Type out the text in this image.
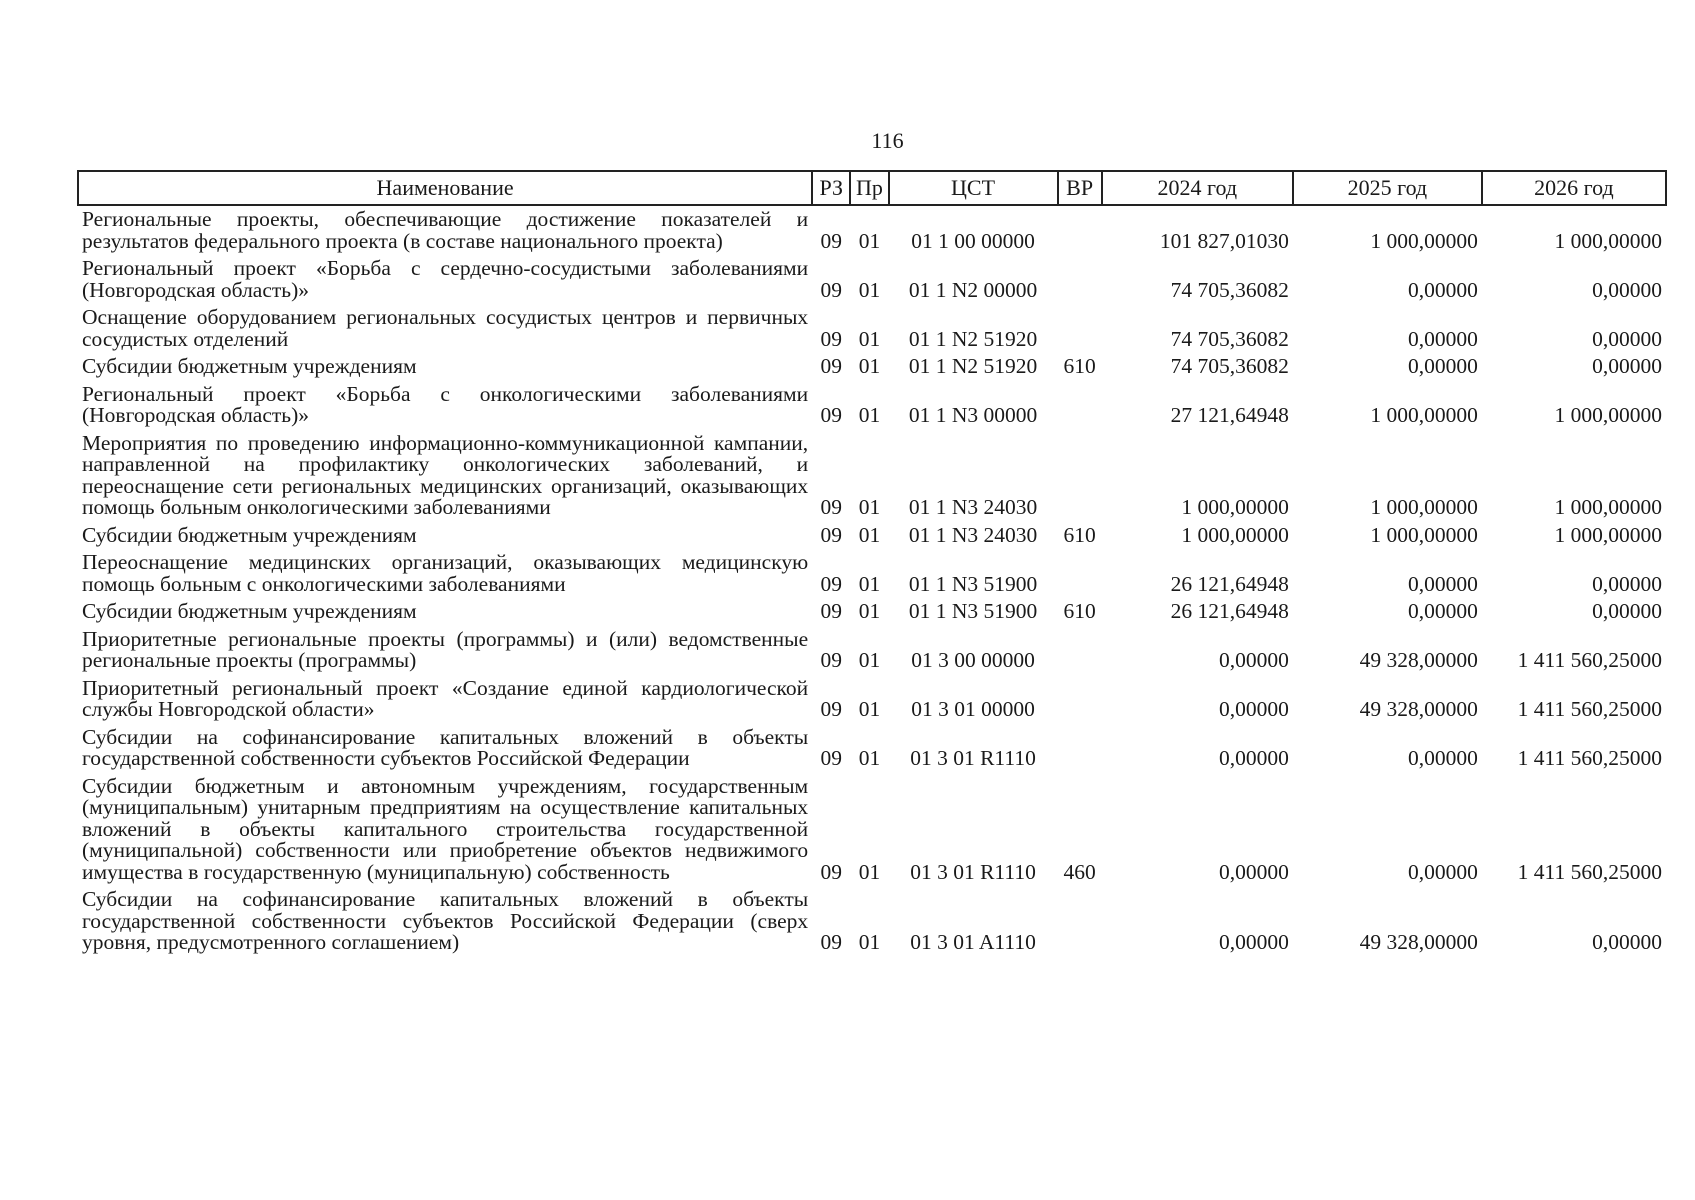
116
Наименование	РЗ	Пр	ЦСТ	ВР	2024 год	2025 год	2026 год
Региональные проекты, обеспечивающие достижение показателей и результатов федерального проекта (в составе национального проекта)	09	01	01 1 00 00000		101 827,01030	1 000,00000	1 000,00000
Региональный проект «Борьба с сердечно-сосудистыми заболеваниями (Новгородская область)»	09	01	01 1 N2 00000		74 705,36082	0,00000	0,00000
Оснащение оборудованием региональных сосудистых центров и первичных сосудистых отделений	09	01	01 1 N2 51920		74 705,36082	0,00000	0,00000
Субсидии бюджетным учреждениям	09	01	01 1 N2 51920	610	74 705,36082	0,00000	0,00000
Региональный проект «Борьба с онкологическими заболеваниями (Новгородская область)»	09	01	01 1 N3 00000		27 121,64948	1 000,00000	1 000,00000
Мероприятия по проведению информационно-коммуникационной кампании, направленной на профилактику онкологических заболеваний, и переоснащение сети региональных медицинских организаций, оказывающих помощь больным онкологическими заболеваниями	09	01	01 1 N3 24030		1 000,00000	1 000,00000	1 000,00000
Субсидии бюджетным учреждениям	09	01	01 1 N3 24030	610	1 000,00000	1 000,00000	1 000,00000
Переоснащение медицинских организаций, оказывающих медицинскую помощь больным с онкологическими заболеваниями	09	01	01 1 N3 51900		26 121,64948	0,00000	0,00000
Субсидии бюджетным учреждениям	09	01	01 1 N3 51900	610	26 121,64948	0,00000	0,00000
Приоритетные региональные проекты (программы) и (или) ведомственные региональные проекты (программы)	09	01	01 3 00 00000		0,00000	49 328,00000	1 411 560,25000
Приоритетный региональный проект «Создание единой кардиологической службы Новгородской области»	09	01	01 3 01 00000		0,00000	49 328,00000	1 411 560,25000
Субсидии на софинансирование капитальных вложений в объекты государственной собственности субъектов Российской Федерации	09	01	01 3 01 R1110		0,00000	0,00000	1 411 560,25000
Субсидии бюджетным и автономным учреждениям, государственным (муниципальным) унитарным предприятиям на осуществление капитальных вложений в объекты капитального строительства государственной (муниципальной) собственности или приобретение объектов недвижимого имущества в государственную (муниципальную) собственность	09	01	01 3 01 R1110	460	0,00000	0,00000	1 411 560,25000
Субсидии на софинансирование капитальных вложений в объекты государственной собственности субъектов Российской Федерации (сверх уровня, предусмотренного соглашением)	09	01	01 3 01 A1110		0,00000	49 328,00000	0,00000
